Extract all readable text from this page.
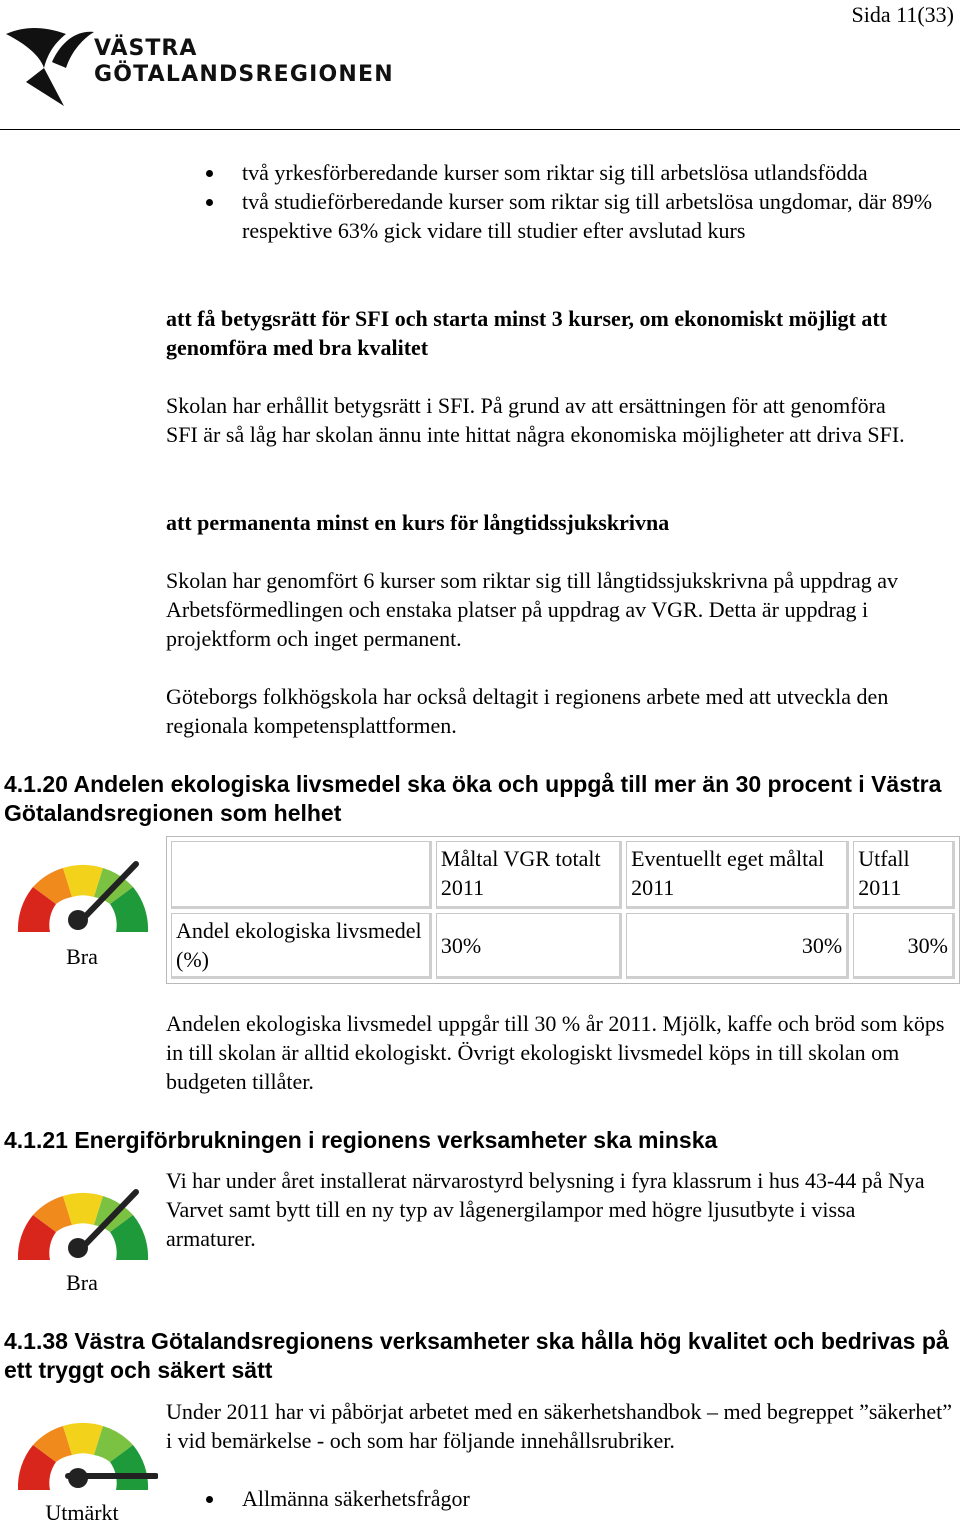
Sida 11(33)
VÄSTRA
GÖTALANDSREGIONEN
två yrkesförberedande kurser som riktar sig till arbetslösa utlandsfödda
två studieförberedande kurser som riktar sig till arbetslösa ungdomar, där 89% respektive 63% gick vidare till studier efter avslutad kurs
att få betygsrätt för SFI och starta minst 3 kurser, om ekonomiskt möjligt att genomföra med bra kvalitet
Skolan har erhållit betygsrätt i SFI. På grund av att ersättningen för att genomföra SFI är så låg har skolan ännu inte hittat några ekonomiska möjligheter att driva SFI.
att permanenta minst en kurs för långtidssjukskrivna
Skolan har genomfört 6 kurser som riktar sig till långtidssjukskrivna på uppdrag av Arbetsförmedlingen och enstaka platser på uppdrag av VGR. Detta är uppdrag i projektform och inget permanent.
Göteborgs folkhögskola har också deltagit i regionens arbete med att utveckla den regionala kompetensplattformen.
4.1.20 Andelen ekologiska livsmedel ska öka och uppgå till mer än 30 procent i Västra Götalandsregionen som helhet
Bra
	Måltal VGR totalt 2011	Eventuellt eget måltal 2011	Utfall 2011
Andel ekologiska livsmedel (%)	30%	30%	30%
Andelen ekologiska livsmedel uppgår till 30 % år 2011. Mjölk, kaffe och bröd som köps in till skolan är alltid ekologiskt. Övrigt ekologiskt livsmedel köps in till skolan om budgeten tillåter.
4.1.21 Energiförbrukningen i regionens verksamheter ska minska
Bra
Vi har under året installerat närvarostyrd belysning i fyra klassrum i hus 43-44 på Nya Varvet samt bytt till en ny typ av lågenergilampor med högre ljusutbyte i vissa armaturer.
4.1.38 Västra Götalandsregionens verksamheter ska hålla hög kvalitet och bedrivas på ett tryggt och säkert sätt
Utmärkt
Under 2011 har vi påbörjat arbetet med en säkerhetshandbok – med begreppet ”säkerhet” i vid bemärkelse - och som har följande innehållsrubriker.
Allmänna säkerhetsfrågor
